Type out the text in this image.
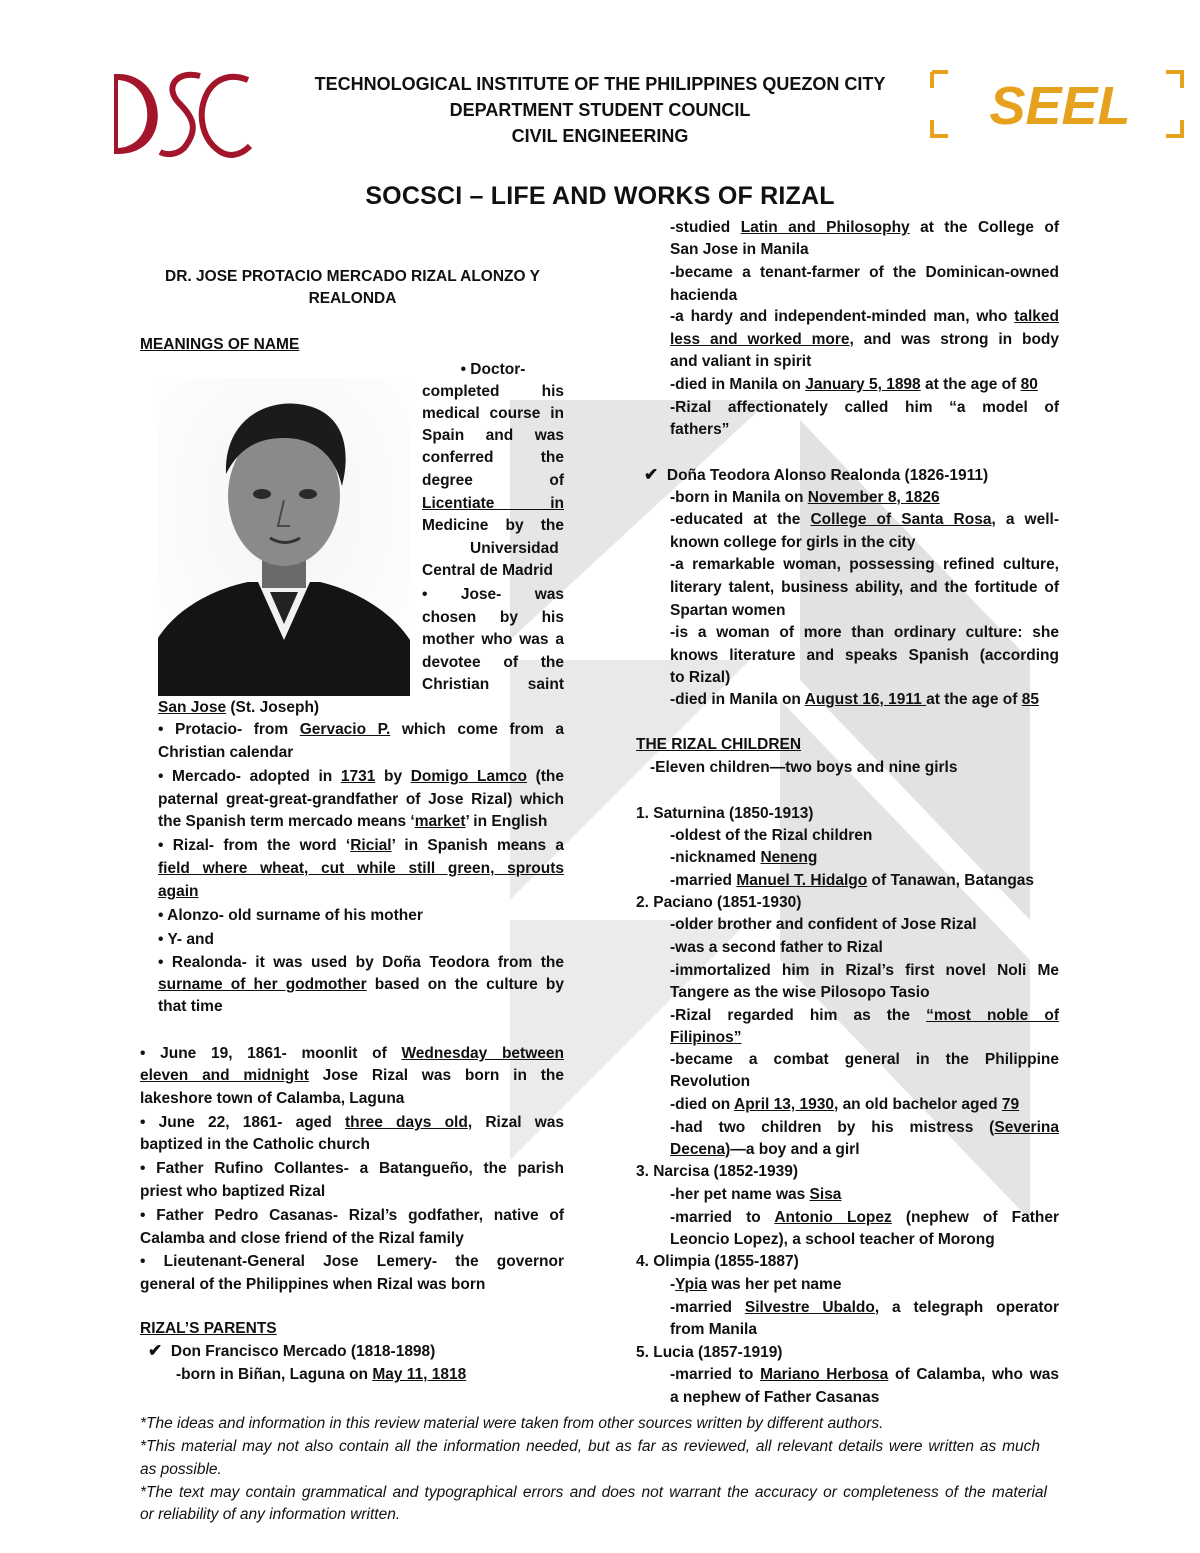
SEEL
TECHNOLOGICAL INSTITUTE OF THE PHILIPPINES QUEZON CITY
DEPARTMENT STUDENT COUNCIL
CIVIL ENGINEERING
SOCSCI – LIFE AND WORKS OF RIZAL
DR. JOSE PROTACIO MERCADO RIZAL ALONZO Y
REALONDA
MEANINGS OF NAME
• Doctor-
completed his
medical course in
Spain and was
conferred the
degree of
Licentiate in
Medicine by the
Universidad
Central de Madrid
• Jose- was
chosen by his
mother who was a
devotee of the
Christian saint
San Jose (St. Joseph)
• Protacio- from Gervacio P. which come from a
Christian calendar
• Mercado- adopted in 1731 by Domigo Lamco (the
paternal great-great-grandfather of Jose Rizal) which
the Spanish term mercado means ‘market’ in English
• Rizal- from the word ‘Ricial’ in Spanish means a
field where wheat, cut while still green, sprouts
again
• Alonzo- old surname of his mother
• Y- and
• Realonda- it was used by Doña Teodora from the
surname of her godmother based on the culture by
that time
• June 19, 1861- moonlit of Wednesday between
eleven and midnight Jose Rizal was born in the
lakeshore town of Calamba, Laguna
• June 22, 1861- aged three days old, Rizal was
baptized in the Catholic church
• Father Rufino Collantes- a Batangueño, the parish
priest who baptized Rizal
• Father Pedro Casanas- Rizal’s godfather, native of
Calamba and close friend of the Rizal family
• Lieutenant-General Jose Lemery- the governor
general of the Philippines when Rizal was born
RIZAL’S PARENTS
✔ Don Francisco Mercado (1818-1898)
-born in Biñan, Laguna on May 11, 1818
-studied Latin and Philosophy at the College of
San Jose in Manila
-became a tenant-farmer of the Dominican-owned
hacienda
-a hardy and independent-minded man, who talked
less and worked more, and was strong in body
and valiant in spirit
-died in Manila on January 5, 1898 at the age of 80
-Rizal affectionately called him “a model of
fathers”
✔ Doña Teodora Alonso Realonda (1826-1911)
-born in Manila on November 8, 1826
-educated at the College of Santa Rosa, a well-
known college for girls in the city
-a remarkable woman, possessing refined culture,
literary talent, business ability, and the fortitude of
Spartan women
-is a woman of more than ordinary culture: she
knows literature and speaks Spanish (according
to Rizal)
-died in Manila on August 16, 1911 at the age of 85
THE RIZAL CHILDREN
-Eleven children—two boys and nine girls
1. Saturnina (1850-1913)
-oldest of the Rizal children
-nicknamed Neneng
-married Manuel T. Hidalgo of Tanawan, Batangas
2. Paciano (1851-1930)
-older brother and confident of Jose Rizal
-was a second father to Rizal
-immortalized him in Rizal’s first novel Noli Me
Tangere as the wise Pilosopo Tasio
-Rizal regarded him as the “most noble of
Filipinos”
-became a combat general in the Philippine
Revolution
-died on April 13, 1930, an old bachelor aged 79
-had two children by his mistress (Severina
Decena)—a boy and a girl
3. Narcisa (1852-1939)
-her pet name was Sisa
-married to Antonio Lopez (nephew of Father
Leoncio Lopez), a school teacher of Morong
4. Olimpia (1855-1887)
-Ypia was her pet name
-married Silvestre Ubaldo, a telegraph operator
from Manila
5. Lucia (1857-1919)
-married to Mariano Herbosa of Calamba, who was
a nephew of Father Casanas
*The ideas and information in this review material were taken from other sources written by different authors.
*This material may not also contain all the information needed, but as far as reviewed, all relevant details were written as much
as possible.
*The text may contain grammatical and typographical errors and does not warrant the accuracy or completeness of the material
or reliability of any information written.
